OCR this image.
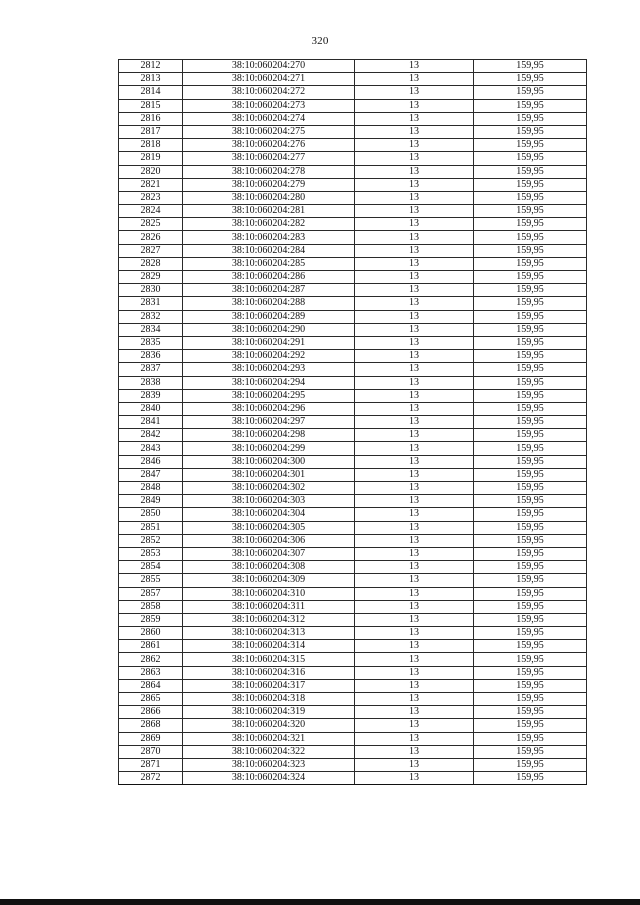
320
2812	38:10:060204:270	13	159,95
2813	38:10:060204:271	13	159,95
2814	38:10:060204:272	13	159,95
2815	38:10:060204:273	13	159,95
2816	38:10:060204:274	13	159,95
2817	38:10:060204:275	13	159,95
2818	38:10:060204:276	13	159,95
2819	38:10:060204:277	13	159,95
2820	38:10:060204:278	13	159,95
2821	38:10:060204:279	13	159,95
2823	38:10:060204:280	13	159,95
2824	38:10:060204:281	13	159,95
2825	38:10:060204:282	13	159,95
2826	38:10:060204:283	13	159,95
2827	38:10:060204:284	13	159,95
2828	38:10:060204:285	13	159,95
2829	38:10:060204:286	13	159,95
2830	38:10:060204:287	13	159,95
2831	38:10:060204:288	13	159,95
2832	38:10:060204:289	13	159,95
2834	38:10:060204:290	13	159,95
2835	38:10:060204:291	13	159,95
2836	38:10:060204:292	13	159,95
2837	38:10:060204:293	13	159,95
2838	38:10:060204:294	13	159,95
2839	38:10:060204:295	13	159,95
2840	38:10:060204:296	13	159,95
2841	38:10:060204:297	13	159,95
2842	38:10:060204:298	13	159,95
2843	38:10:060204:299	13	159,95
2846	38:10:060204:300	13	159,95
2847	38:10:060204:301	13	159,95
2848	38:10:060204:302	13	159,95
2849	38:10:060204:303	13	159,95
2850	38:10:060204:304	13	159,95
2851	38:10:060204:305	13	159,95
2852	38:10:060204:306	13	159,95
2853	38:10:060204:307	13	159,95
2854	38:10:060204:308	13	159,95
2855	38:10:060204:309	13	159,95
2857	38:10:060204:310	13	159,95
2858	38:10:060204:311	13	159,95
2859	38:10:060204:312	13	159,95
2860	38:10:060204:313	13	159,95
2861	38:10:060204:314	13	159,95
2862	38:10:060204:315	13	159,95
2863	38:10:060204:316	13	159,95
2864	38:10:060204:317	13	159,95
2865	38:10:060204:318	13	159,95
2866	38:10:060204:319	13	159,95
2868	38:10:060204:320	13	159,95
2869	38:10:060204:321	13	159,95
2870	38:10:060204:322	13	159,95
2871	38:10:060204:323	13	159,95
2872	38:10:060204:324	13	159,95
